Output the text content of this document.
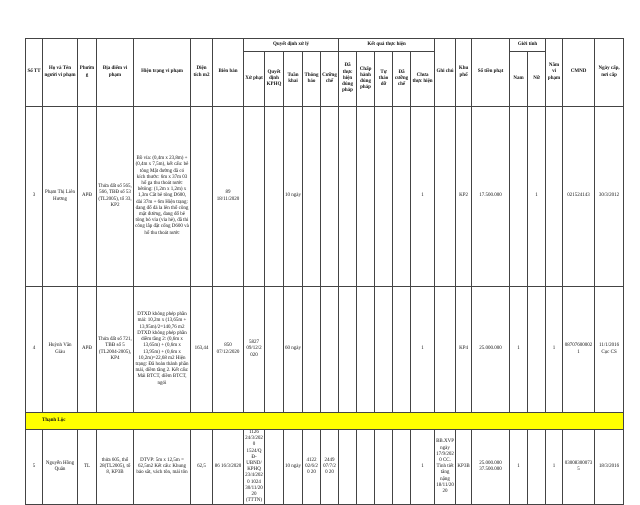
Số TT	Họ và Tên người vi phạm	Phường	Địa điểm vi phạm	Hiện trạng vi phạm	Diện tích m2	Biên bản	Quyết định xử lý					Kết quả thực hiện					Ghi chú	Khu phố	Số tiền phạt	Giới tính		Năm vi phạm	CMND	Ngày cấp, nơi cấp
							Xử phạt	Quyết định KPHQ	Tuần khai	Thông báo	Cưỡng chế	Đã thực hiện đúng pháp	Chấp hành đúng pháp	Tự tháo dỡ	Đã cưỡng chế	Chưa thực hiện				Nam	Nữ			
3	Phạm Thị Liên Hương	APĐ	Thửa đất số 565, 566, TBĐ số 53 (TL2005), tổ 33, KP2	Bồ vỉa: (0,4m x 23,8m) + (0,4m x 7,5m), kết cấu: bê tông Mặt đường đã có kích thước: 6m x 37m 03 hố ga thu thoát nước bêtông: (1,2m x 1,2m) x 1,3m Cắt bê tông D600, dài 37m + 6m Hiện trạng: đang đổ đá la lên thổ công mặt đường, đang đổ bê tông bó vỉa (vỉa hè), đã thi công lắp đặt cống D600 và hố thu thoát nước		89 18/11/2020			10 ngày							1		KP2	17.500.000		1		021524143	30/3/2012
4	Huỳnh Văn Giàu	APĐ	Thửa đất số 721, TBĐ số 5 (TL2004-2005), KP4	DTXD không phép phần mái: 10,2m x (13,65m + 13,95m)/2=140,76 m2 DTXD không phép phần diềm tầng 2: (0,6m x 13,65m) + (0,6m x 13,95m) + (0,6m x 10,2m)=22,68 m2 Hiện trạng: Đã hoàn thành phần mái, diềm tầng 2. Kết cấu: Mái BTCT, diềm BTCT, ngói	163,44	850 07/12/2020	5827 09/12/2 020		60 ngày							1		KP4	25.000.000	1		1	087076000021	11/1/2016 Cục CS
Thạnh Lộc																								
5	Nguyễn Hồng Quân	TL	thửa 605, thổ 28(TL2005), tổ 8, KP3B	DTVP: 5m x 12,5m = 62,5m2 Kết cấu: Khung bảo sắt, vách tôn, mái tôn	62,5	86 16/3/2020	1126 24/3/2020 1524/QĐ-UBND/KPHQ 23/4/2020 1024 30/11/2020 (TTTN)		10 ngày	4122 02/6/20 20	2449 07/7/20 20					1	BB.XVP ngày 17/9/2020 CC. Tình tiết tăng nặng 18/11/2020	KP3B	25.000.000 37.500.000	1		1	030083000735	18/3/2016
